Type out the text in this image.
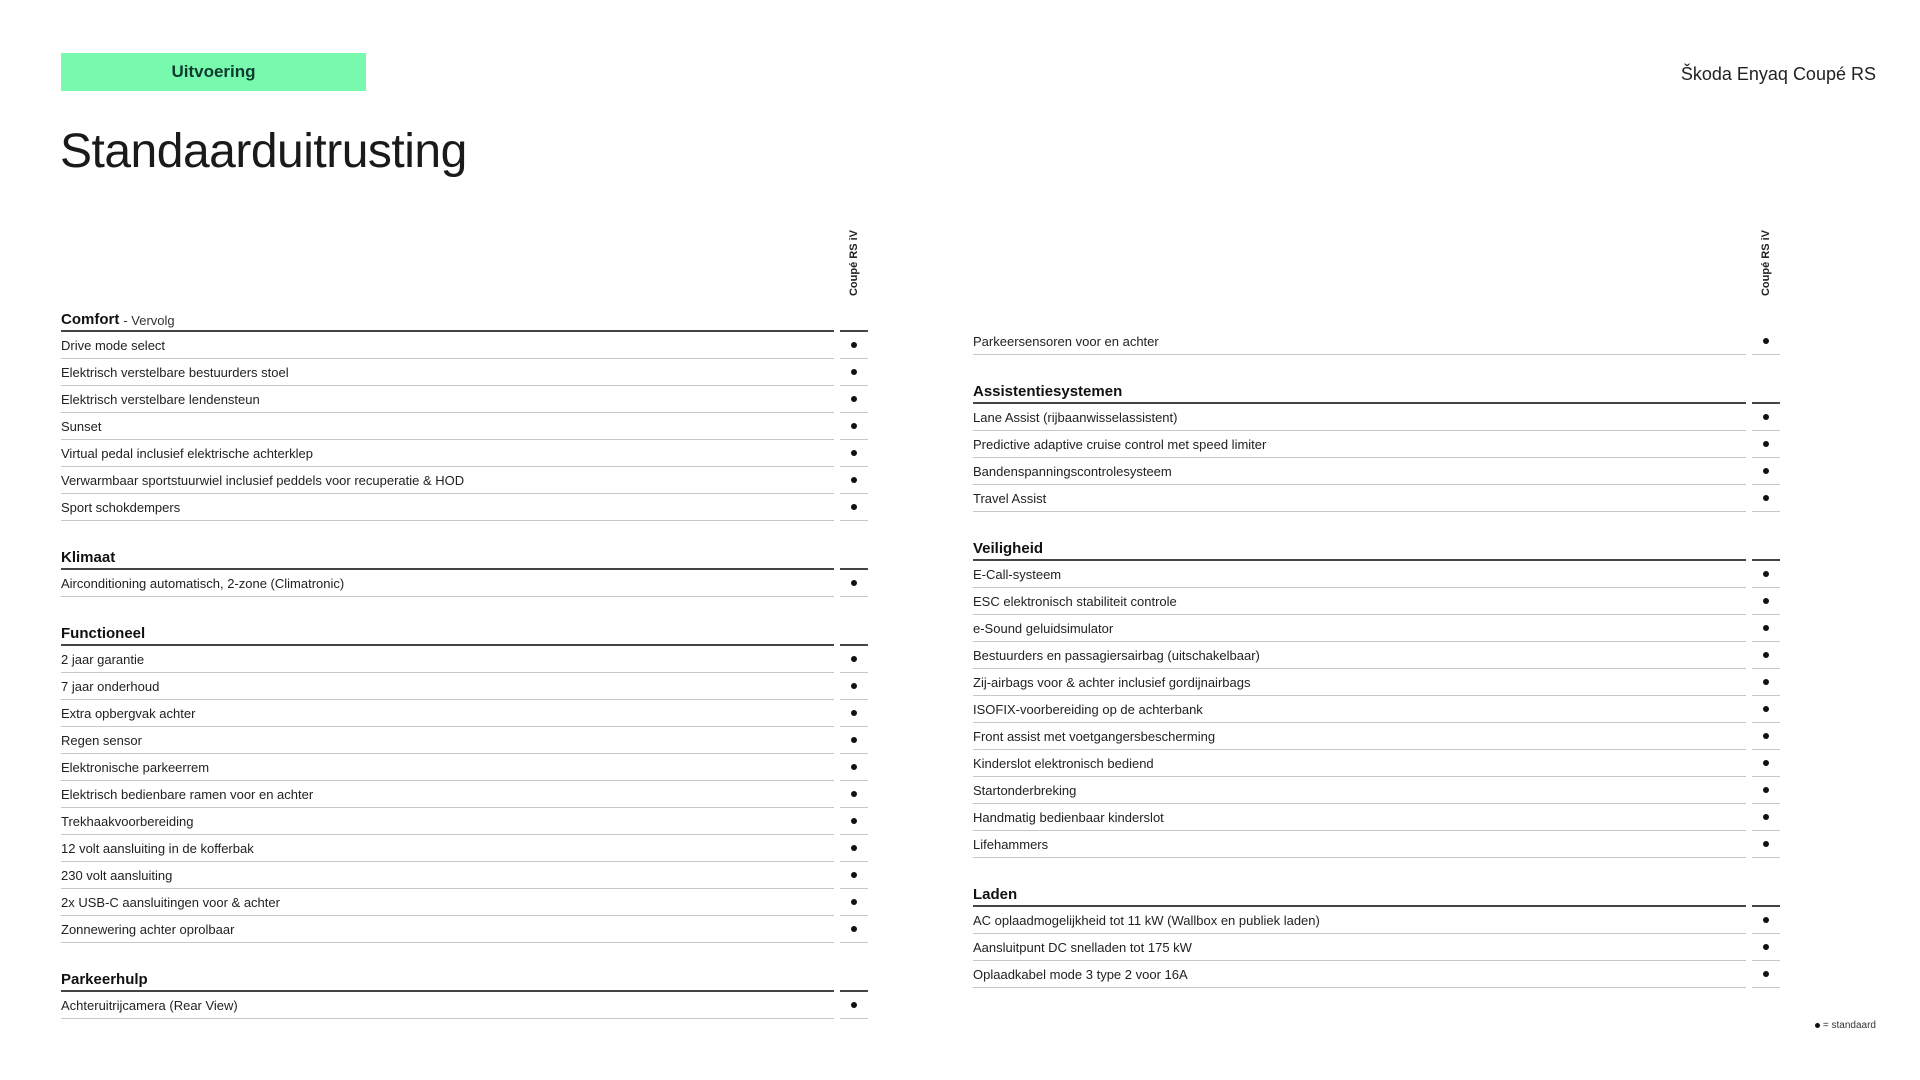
Uitvoering	Škoda Enyaq Coupé RS
Standaarduitrusting
Coupé RS iV	Coupé RS iV
Comfort - Vervolg
Drive mode select
Elektrisch verstelbare bestuurders stoel
Elektrisch verstelbare lendensteun
Sunset
Virtual pedal inclusief elektrische achterklep
Verwarmbaar sportstuurwiel inclusief peddels voor recuperatie & HOD
Sport schokdempers
Klimaat
Airconditioning automatisch, 2-zone (Climatronic)
Functioneel
2 jaar garantie
7 jaar onderhoud
Extra opbergvak achter
Regen sensor
Elektronische parkeerrem
Elektrisch bedienbare ramen voor en achter
Trekhaakvoorbereiding
12 volt aansluiting in de kofferbak
230 volt aansluiting
2x USB-C aansluitingen voor & achter
Zonnewering achter oprolbaar
Parkeerhulp
Achteruitrijcamera (Rear View)
Parkeersensoren voor en achter
Assistentiesystemen
Lane Assist (rijbaanwisselassistent)
Predictive adaptive cruise control met speed limiter
Bandenspanningscontrolesysteem
Travel Assist
Veiligheid
E-Call-systeem
ESC elektronisch stabiliteit controle
e-Sound geluidsimulator
Bestuurders en passagiersairbag (uitschakelbaar)
Zij-airbags voor & achter inclusief gordijnairbags
ISOFIX-voorbereiding op de achterbank
Front assist met voetgangersbescherming
Kinderslot elektronisch bediend
Startonderbreking
Handmatig bedienbaar kinderslot
Lifehammers
Laden
AC oplaadmogelijkheid tot 11 kW (Wallbox en publiek laden)
Aansluitpunt DC snelladen tot 175 kW
Oplaadkabel mode 3 type 2 voor 16A
= standaard
